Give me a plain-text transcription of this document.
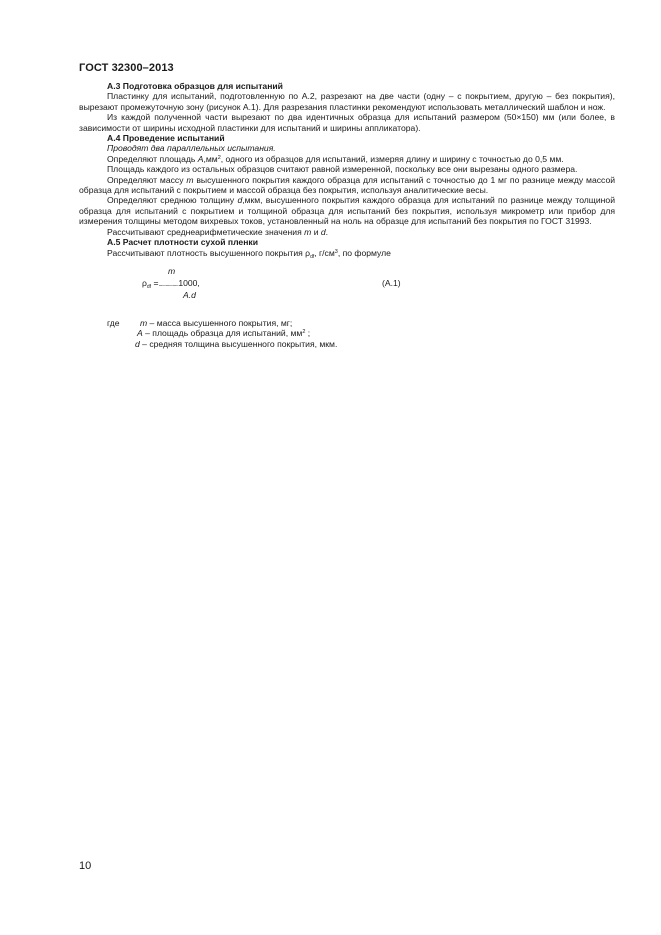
ГОСТ 32300–2013

А.3 Подготовка образцов для испытаний

Пластинку для испытаний, подготовленную по А.2, разрезают на две части (одну – с покрытием, другую – без покрытия), вырезают промежуточную зону (рисунок А.1). Для разрезания пластинки рекомендуют использовать металлический шаблон и нож.

Из каждой полученной части вырезают по два идентичных образца для испытаний размером (50×150) мм (или более, в зависимости от ширины исходной пластинки для испытаний и ширины аппликатора).

А.4 Проведение испытаний

Проводят два параллельных испытания.

Определяют площадь $A,мм^2$, одного из образцов для испытаний, измеряя длину и ширину с точностью до 0,5 мм.

Площадь каждого из остальных образцов считают равной измеренной, поскольку все они вырезаны одного размера.

Определяют массу m высушенного покрытия каждого образца для испытаний с точностью до 1 мг по разнице между массой образца для испытаний с покрытием и массой образца без покрытия, используя аналитические весы.

Определяют среднюю толщину d,мкм, высушенного покрытия каждого образца для испытаний по разнице между толщиной образца для испытаний с покрытием и толщиной образца для испытаний без покрытия, используя микрометр или прибор для измерения толщины методом вихревых токов, установленный на ноль на образце для испытаний без покрытия по ГОСТ 31993.

Рассчитывают среднеарифметические значения m и d.

А.5 Расчет плотности сухой пленки

Рассчитывают плотность высушенного покрытия $\rho_{df}$, $г/см^3$, по формуле

m
$\rho_{df} =.................1000$,
A.d
(А.1)
где m – масса высушенного покрытия, мг;
A – площадь образца для испытаний, $мм^2$ ;
d – средняя толщина высушенного покрытия, мкм.
10
